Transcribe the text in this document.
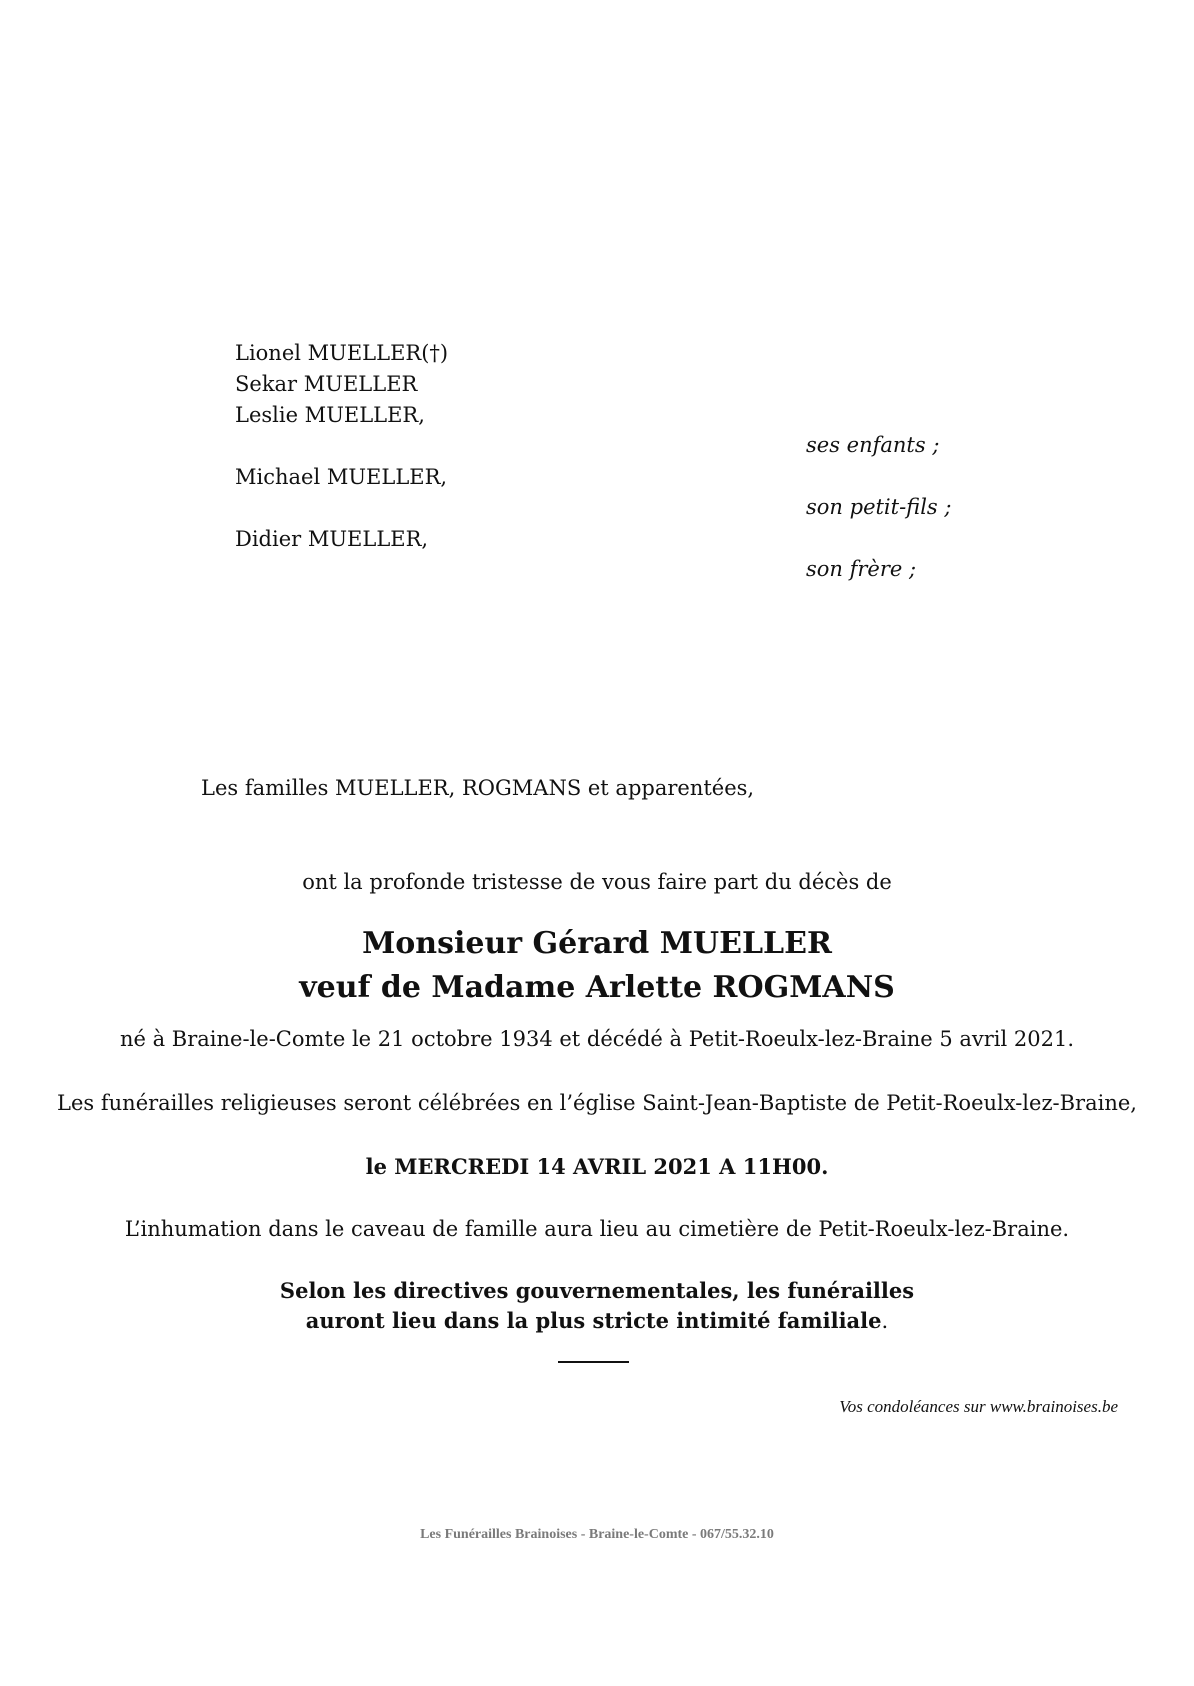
Lionel MUELLER(†)
Sekar MUELLER
Leslie MUELLER,
ses enfants ;
Michael MUELLER,
son petit-fils ;
Didier MUELLER,
son frère ;
Les familles MUELLER, ROGMANS et apparentées,
ont la profonde tristesse de vous faire part du décès de
Monsieur Gérard MUELLER
veuf de Madame Arlette ROGMANS
né à Braine-le-Comte le 21 octobre 1934 et décédé à Petit-Roeulx-lez-Braine 5 avril 2021.
Les funérailles religieuses seront célébrées en l’église Saint-Jean-Baptiste de Petit-Roeulx-lez-Braine,
le MERCREDI 14 AVRIL 2021 A 11H00.
L’inhumation dans le caveau de famille aura lieu au cimetière de Petit-Roeulx-lez-Braine.
Selon les directives gouvernementales, les funérailles
auront lieu dans la plus stricte intimité familiale.
Vos condoléances sur www.brainoises.be
Les Funérailles Brainoises - Braine-le-Comte - 067/55.32.10
